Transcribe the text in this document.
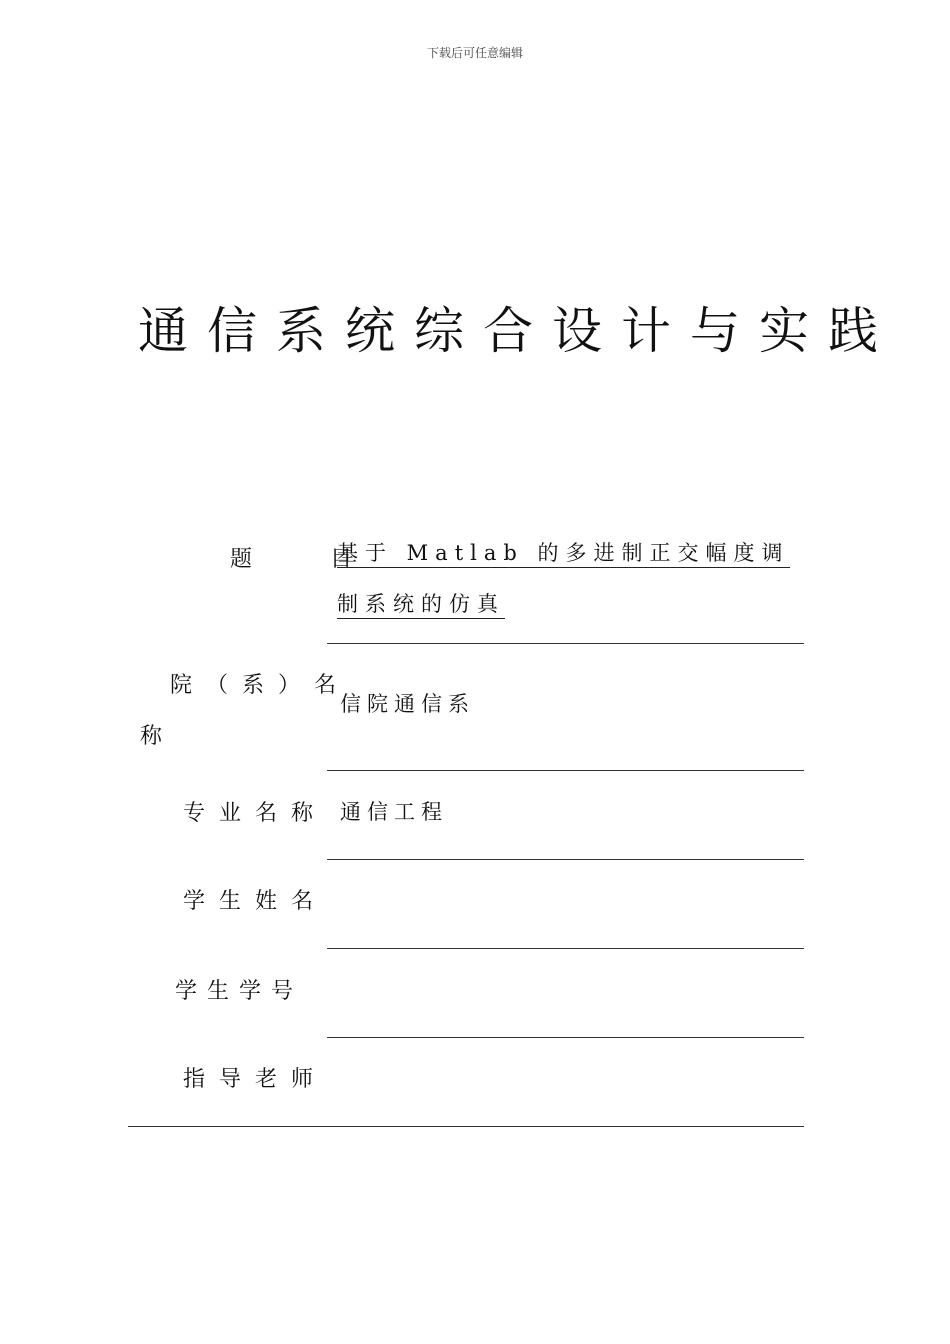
下载后可任意编辑
通信系统综合设计与实践
题　目
基于 Matlab 的多进制正交幅度调
制系统的仿真
院（系）名
称
信院通信系
专业名称 通信工程
学生姓名
学生学号
指导老师
